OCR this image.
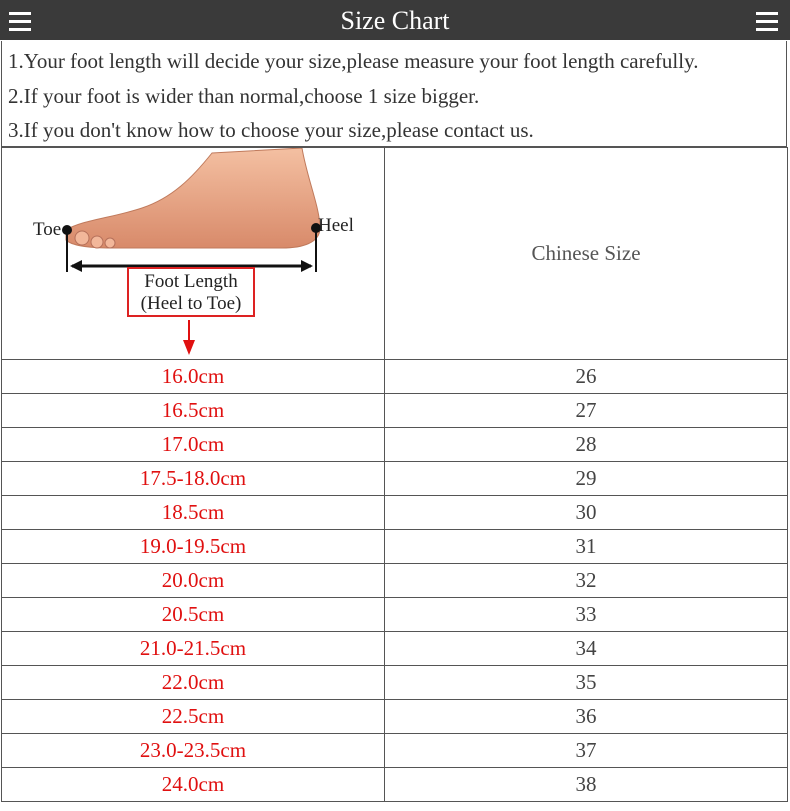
Size Chart
1.Your foot length will decide your size,please measure your foot length carefully.
2.If your foot is wider than normal,choose 1 size bigger.
3.If you don't know how to choose your size,please contact us.
Toe Heel
Foot Length
(Heel to Toe)	Chinese Size
16.0cm	26
16.5cm	27
17.0cm	28
17.5-18.0cm	29
18.5cm	30
19.0-19.5cm	31
20.0cm	32
20.5cm	33
21.0-21.5cm	34
22.0cm	35
22.5cm	36
23.0-23.5cm	37
24.0cm	38
